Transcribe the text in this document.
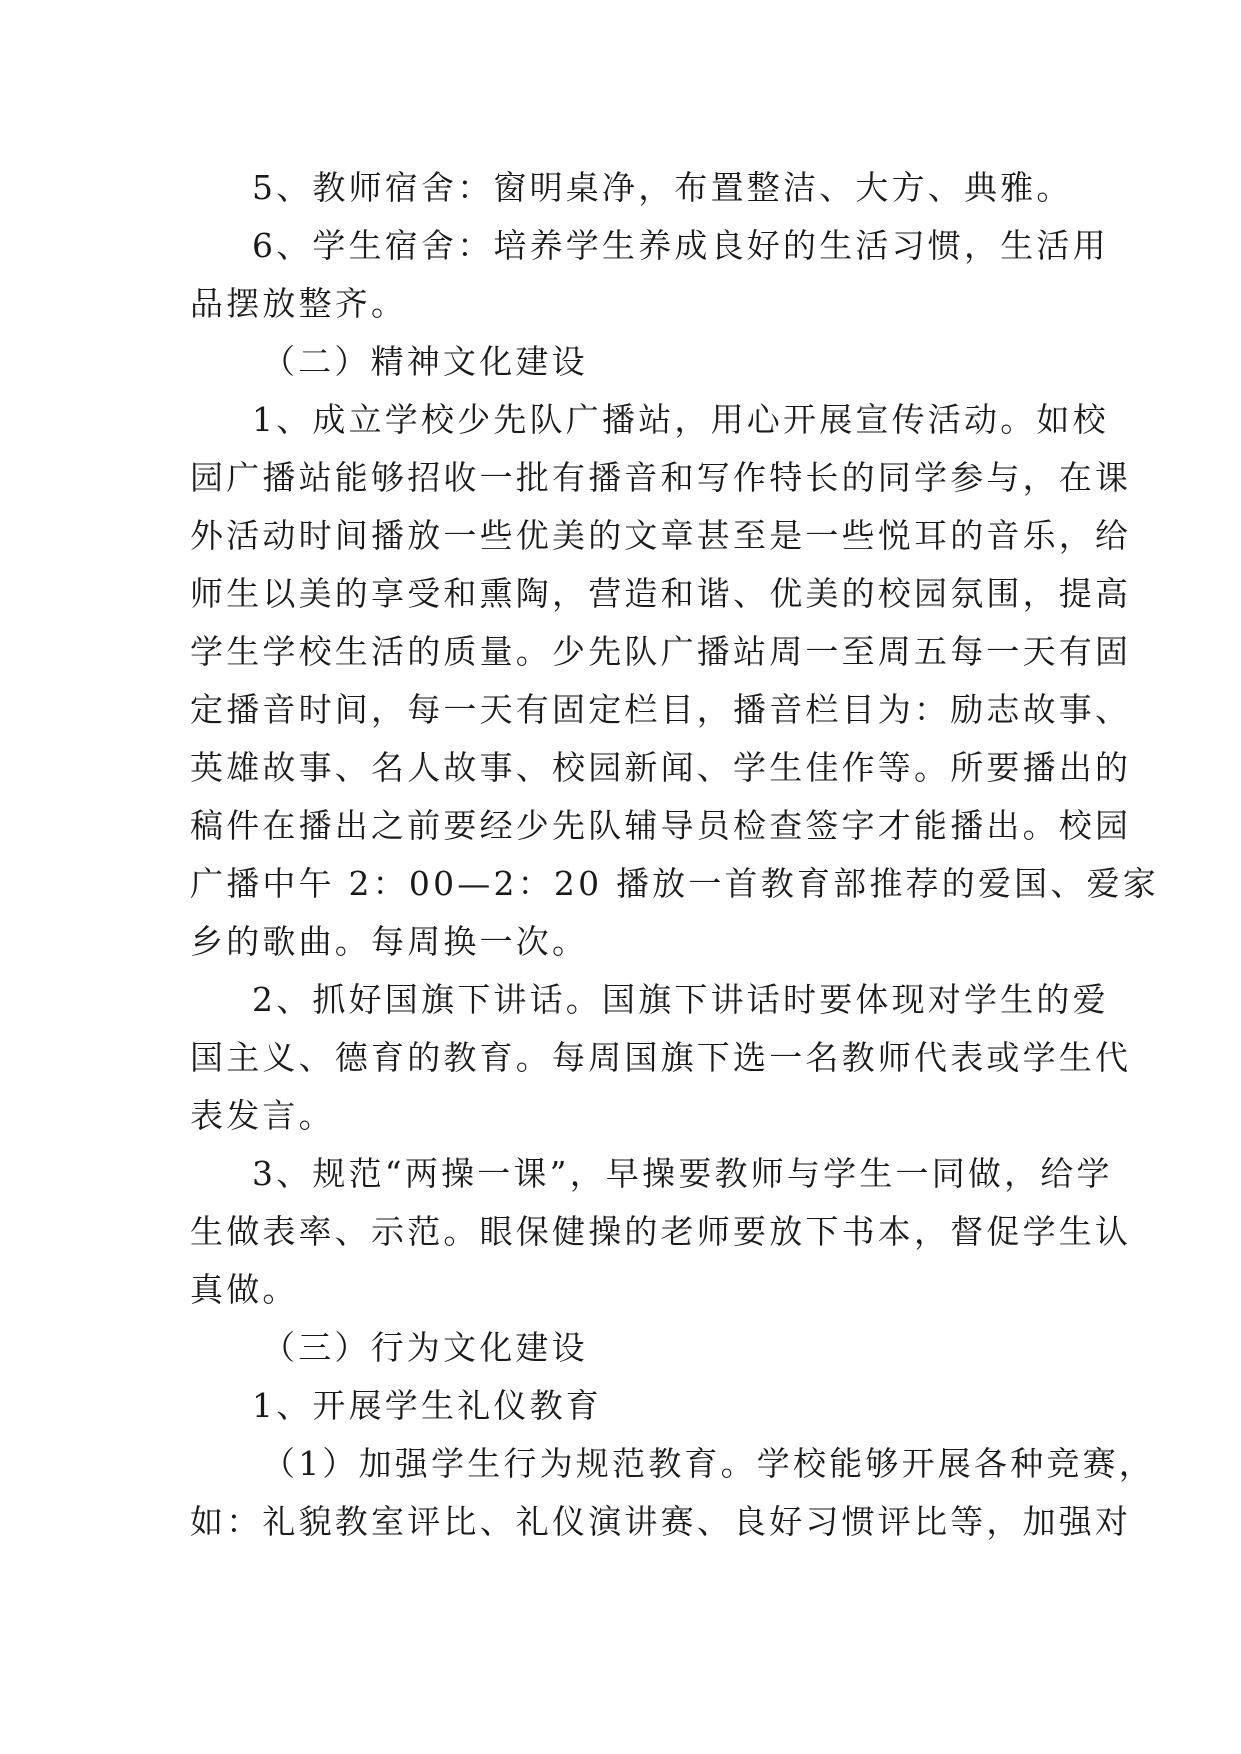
5、教师宿舍：窗明桌净，布置整洁、大方、典雅。
6、学生宿舍：培养学生养成良好的生活习惯，生活用
品摆放整齐。
（二）精神文化建设
1、成立学校少先队广播站，用心开展宣传活动。如校
园广播站能够招收一批有播音和写作特长的同学参与，在课
外活动时间播放一些优美的文章甚至是一些悦耳的音乐，给
师生以美的享受和熏陶，营造和谐、优美的校园氛围，提高
学生学校生活的质量。少先队广播站周一至周五每一天有固
定播音时间，每一天有固定栏目，播音栏目为：励志故事、
英雄故事、名人故事、校园新闻、学生佳作等。所要播出的
稿件在播出之前要经少先队辅导员检查签字才能播出。校园
广播中午 2：00—2：20 播放一首教育部推荐的爱国、爱家
乡的歌曲。每周换一次。
2、抓好国旗下讲话。国旗下讲话时要体现对学生的爱
国主义、德育的教育。每周国旗下选一名教师代表或学生代
表发言。
3、规范“两操一课”，早操要教师与学生一同做，给学
生做表率、示范。眼保健操的老师要放下书本，督促学生认
真做。
（三）行为文化建设
1、开展学生礼仪教育
（1）加强学生行为规范教育。学校能够开展各种竞赛，
如：礼貌教室评比、礼仪演讲赛、良好习惯评比等，加强对
